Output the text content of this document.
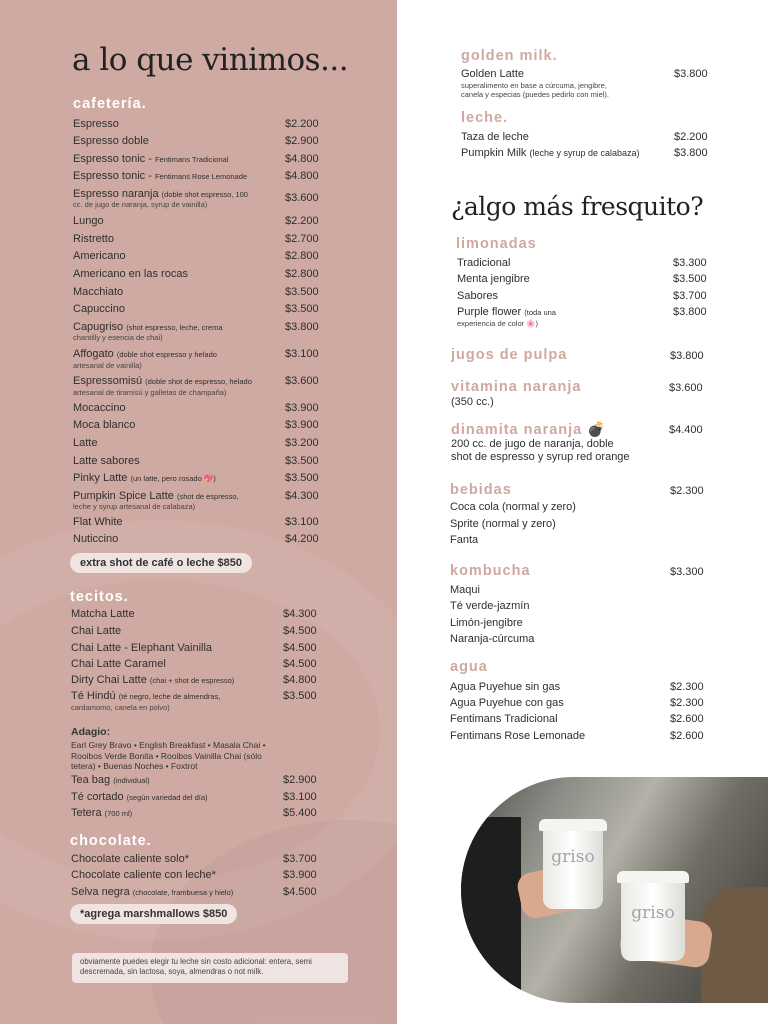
a lo que vinimos...
cafetería.
Espresso	$2.200
Espresso doble	$2.900
Espresso tonic - Fentimans Tradicional	$4.800
Espresso tonic - Fentimans Rose Lemonade	$4.800
Espresso naranja (doble shot espresso, 100	$3.600
cc. de jugo de naranja, syrup de vainilla)
Lungo	$2.200
Ristretto	$2.700
Americano	$2.800
Americano en las rocas	$2.800
Macchiato	$3.500
Capuccino	$3.500
Capugriso (shot espresso, leche, crema	$3.800
chantilly y esencia de chai)
Affogato (doble shot espresso y helado	$3.100
artesanal de vainilla)
Espressomisú (doble shot de espresso, helado	$3.600
artesanal de tiramisú y galletas de champaña)
Mocaccino	$3.900
Moca blanco	$3.900
Latte	$3.200
Latte sabores	$3.500
Pinky Latte (un latte, pero rosado 💖)	$3.500
Pumpkin Spice Latte (shot de espresso,	$4.300
leche y syrup artesanal de calabaza)
Flat White	$3.100
Nuticcino	$4.200
extra shot de café o leche $850
tecitos.
Matcha Latte	$4.300
Chai Latte	$4.500
Chai Latte - Elephant Vainilla	$4.500
Chai Latte Caramel	$4.500
Dirty Chai Latte (chai + shot de espresso)	$4.800
Té Hindú (té negro, leche de almendras,	$3.500
cardamomo, canela en polvo)
Adagio:
Earl Grey Bravo • English Breakfast • Masala Chai • Rooibos Verde Bonita • Rooibos Vainilla Chai (sólo tetera) • Buenas Noches • Foxtrot
Tea bag (individual)	$2.900
Té cortado (según variedad del día)	$3.100
Tetera (700 ml)	$5.400
chocolate.
Chocolate caliente solo*	$3.700
Chocolate caliente con leche*	$3.900
Selva negra (chocolate, frambuesa y hielo)	$4.500
*agrega marshmallows $850
obviamente puedes elegir tu leche sin costo adicional: entera, semi descremada, sin lactosa, soya, almendras o not milk.
golden milk.
Golden Latte	$3.800
superalimento en base a cúrcuma, jengibre,
canela y especias (puedes pedirlo con miel).
leche.
Taza de leche	$2.200
Pumpkin Milk (leche y syrup de calabaza)	$3.800
¿algo más fresquito?
limonadas
Tradicional	$3.300
Menta jengibre	$3.500
Sabores	$3.700
Purple flower (toda una	$3.800
experiencia de color 🌸)
jugos de pulpa	$3.800
vitamina naranja	$3.600
(350 cc.)
dinamita naranja 💣	$4.400
200 cc. de jugo de naranja, doble
shot de espresso y syrup red orange
bebidas	$2.300
Coca cola (normal y zero)
Sprite (normal y zero)
Fanta
kombucha	$3.300
Maqui
Té verde-jazmín
Limón-jengibre
Naranja-cúrcuma
agua
Agua Puyehue sin gas	$2.300
Agua Puyehue con gas	$2.300
Fentimans Tradicional	$2.600
Fentimans Rose Lemonade	$2.600
griso
griso
